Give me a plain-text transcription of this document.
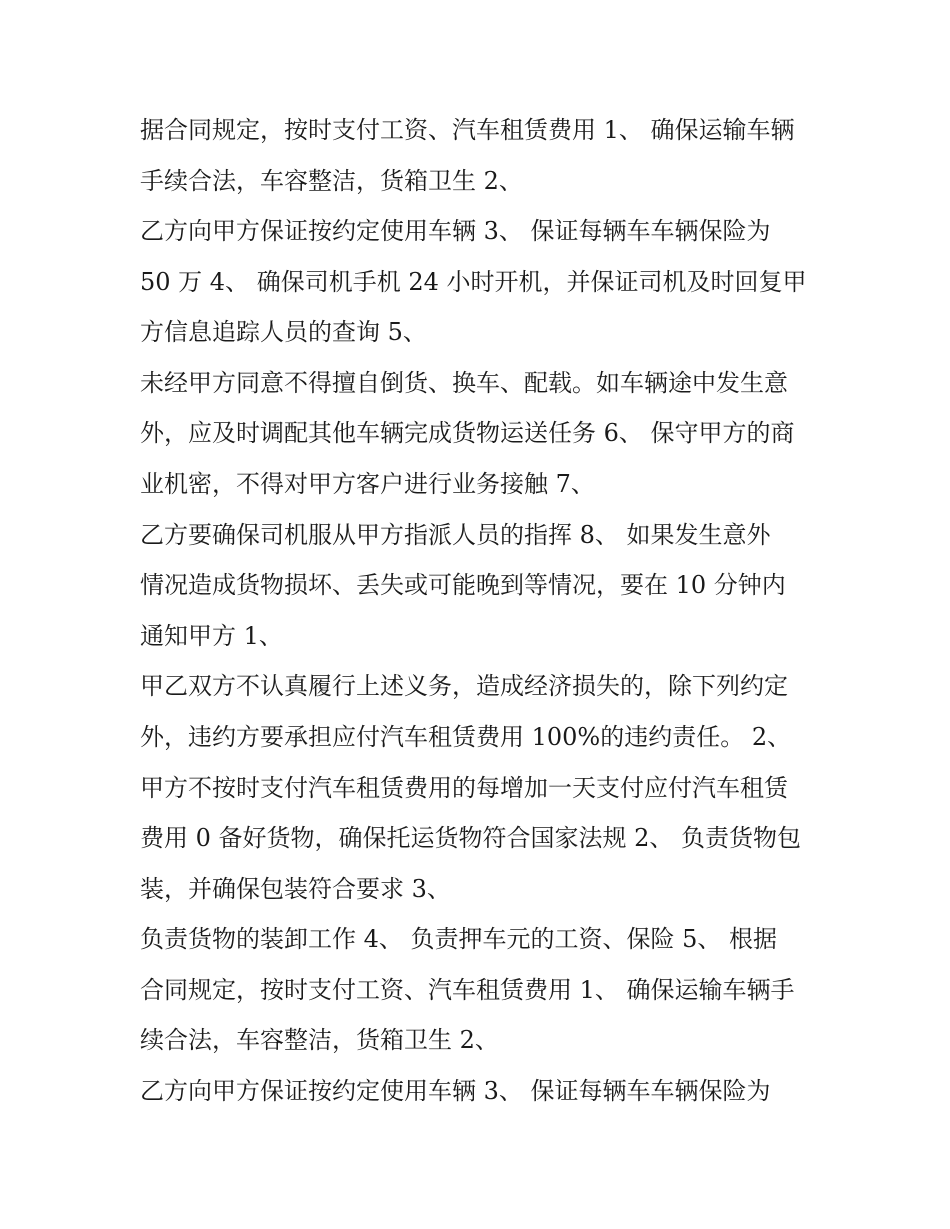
据合同规定，按时支付工资、汽车租赁费用 1、 确保运输车辆
手续合法，车容整洁，货箱卫生 2、
乙方向甲方保证按约定使用车辆 3、 保证每辆车车辆保险为
50 万 4、 确保司机手机 24 小时开机，并保证司机及时回复甲
方信息追踪人员的查询 5、
未经甲方同意不得擅自倒货、换车、配载。如车辆途中发生意
外，应及时调配其他车辆完成货物运送任务 6、 保守甲方的商
业机密，不得对甲方客户进行业务接触 7、
乙方要确保司机服从甲方指派人员的指挥 8、 如果发生意外
情况造成货物损坏、丢失或可能晚到等情况，要在 10 分钟内
通知甲方 1、
甲乙双方不认真履行上述义务，造成经济损失的，除下列约定
外，违约方要承担应付汽车租赁费用 100%的违约责任。 2、
甲方不按时支付汽车租赁费用的每增加一天支付应付汽车租赁
费用 0 备好货物，确保托运货物符合国家法规 2、 负责货物包
装，并确保包装符合要求 3、
负责货物的装卸工作 4、 负责押车元的工资、保险 5、 根据
合同规定，按时支付工资、汽车租赁费用 1、 确保运输车辆手
续合法，车容整洁，货箱卫生 2、
乙方向甲方保证按约定使用车辆 3、 保证每辆车车辆保险为
